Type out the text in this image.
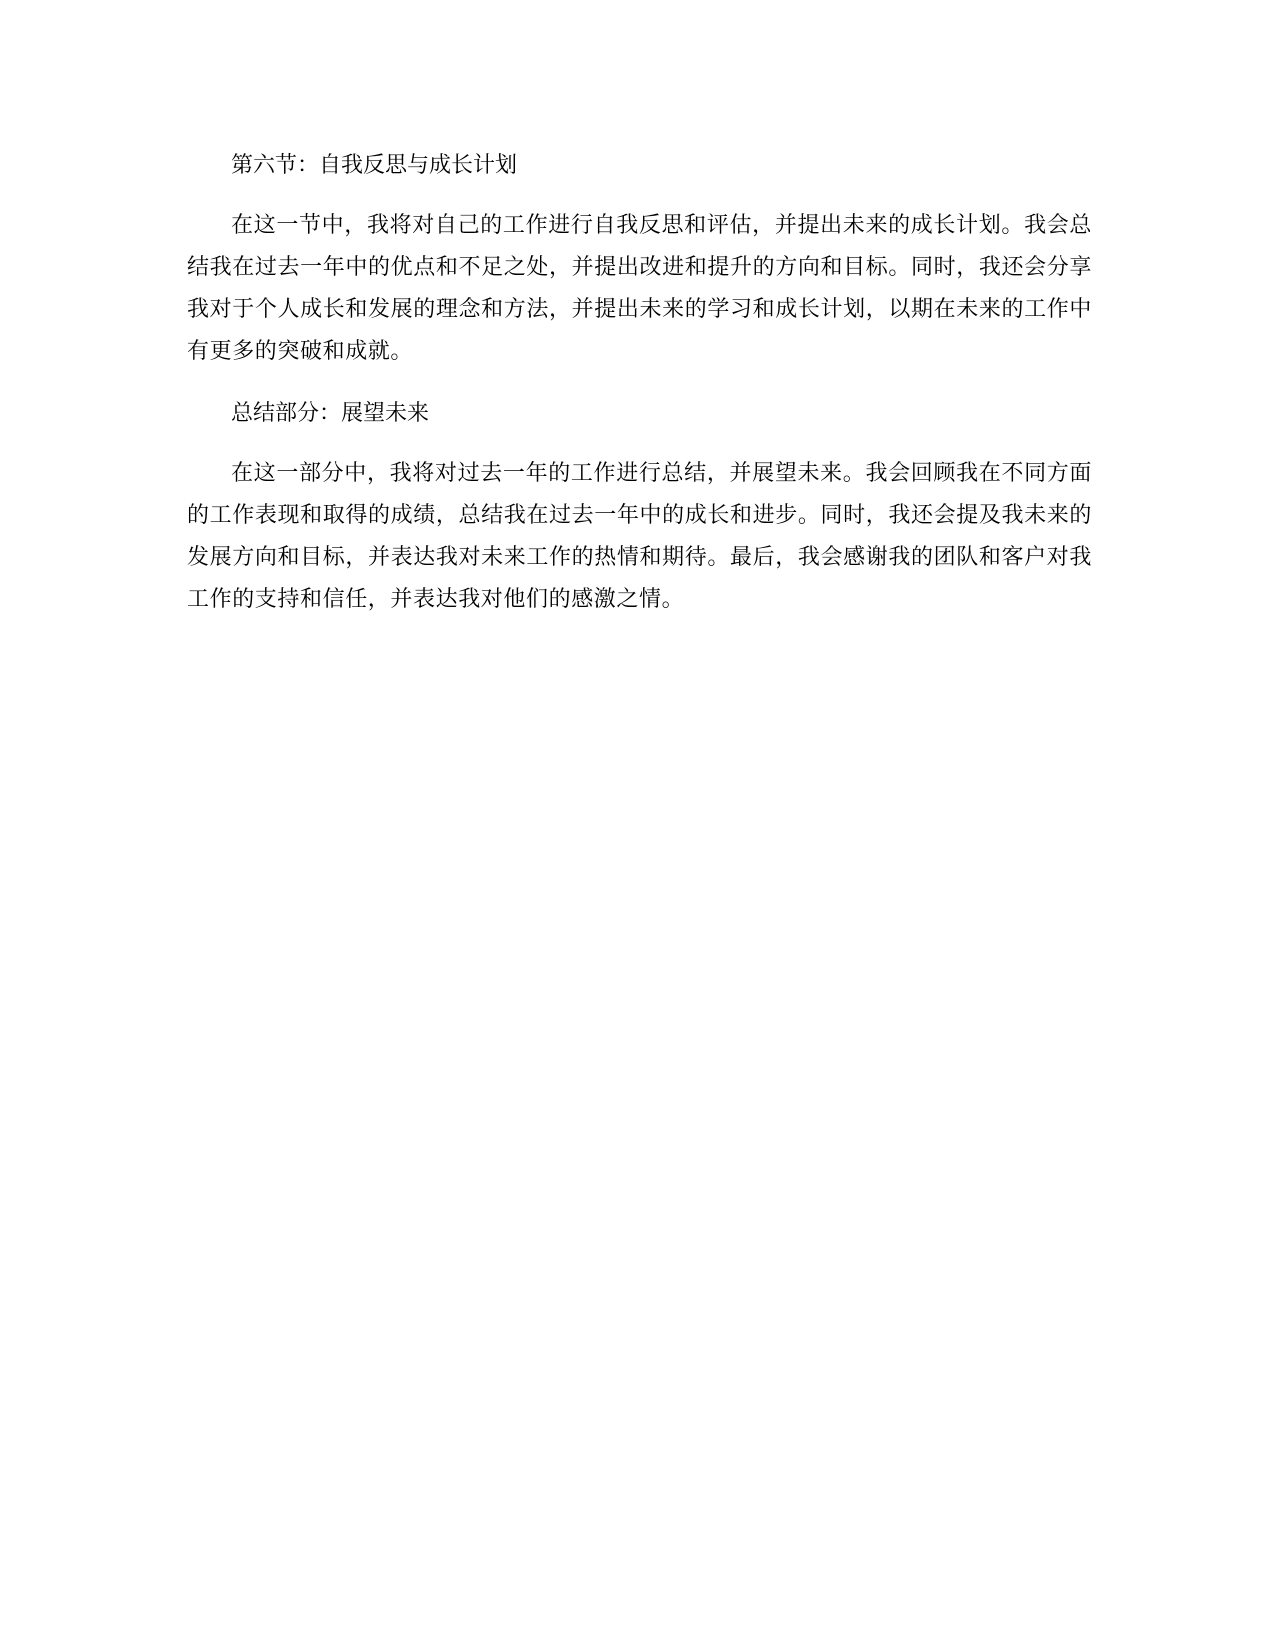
第六节：自我反思与成长计划

在这一节中，我将对自己的工作进行自我反思和评估，并提出未来的成长计划。我会总结我在过去一年中的优点和不足之处，并提出改进和提升的方向和目标。同时，我还会分享我对于个人成长和发展的理念和方法，并提出未来的学习和成长计划，以期在未来的工作中有更多的突破和成就。

总结部分：展望未来

在这一部分中，我将对过去一年的工作进行总结，并展望未来。我会回顾我在不同方面的工作表现和取得的成绩，总结我在过去一年中的成长和进步。同时，我还会提及我未来的发展方向和目标，并表达我对未来工作的热情和期待。最后，我会感谢我的团队和客户对我工作的支持和信任，并表达我对他们的感激之情。
